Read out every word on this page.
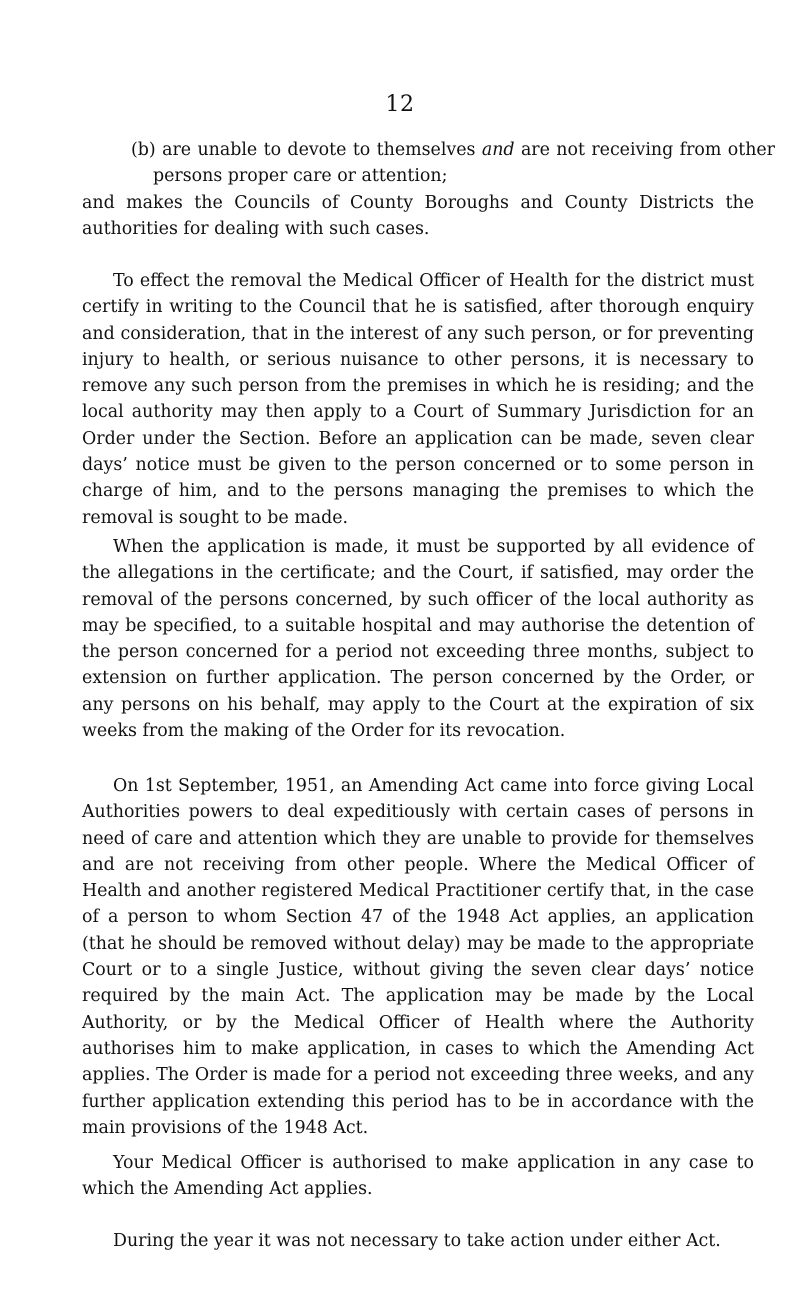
12

(b) are unable to devote to themselves and are not receiving from other persons proper care or attention;

and makes the Councils of County Boroughs and County Districts the authorities for dealing with such cases.

To effect the removal the Medical Officer of Health for the district must certify in writing to the Council that he is satisfied, after thorough enquiry and consideration, that in the interest of any such person, or for preventing injury to health, or serious nuisance to other persons, it is necessary to remove any such person from the premises in which he is residing; and the local authority may then apply to a Court of Summary Jurisdiction for an Order under the Section. Before an application can be made, seven clear days’ notice must be given to the person concerned or to some person in charge of him, and to the persons managing the premises to which the removal is sought to be made.

When the application is made, it must be supported by all evidence of the allegations in the certificate; and the Court, if satisfied, may order the removal of the persons concerned, by such officer of the local authority as may be specified, to a suitable hospital and may authorise the detention of the person concerned for a period not exceeding three months, subject to extension on further application. The person concerned by the Order, or any persons on his behalf, may apply to the Court at the expiration of six weeks from the making of the Order for its revocation.

On 1st September, 1951, an Amending Act came into force giving Local Authorities powers to deal expeditiously with certain cases of persons in need of care and attention which they are unable to provide for themselves and are not receiving from other people. Where the Medical Officer of Health and another registered Medical Practitioner certify that, in the case of a person to whom Section 47 of the 1948 Act applies, an application (that he should be removed without delay) may be made to the appropriate Court or to a single Justice, without giving the seven clear days’ notice required by the main Act. The application may be made by the Local Authority, or by the Medical Officer of Health where the Authority authorises him to make application, in cases to which the Amending Act applies. The Order is made for a period not exceeding three weeks, and any further application extending this period has to be in accordance with the main provisions of the 1948 Act.

Your Medical Officer is authorised to make application in any case to which the Amending Act applies.

During the year it was not necessary to take action under either Act.
